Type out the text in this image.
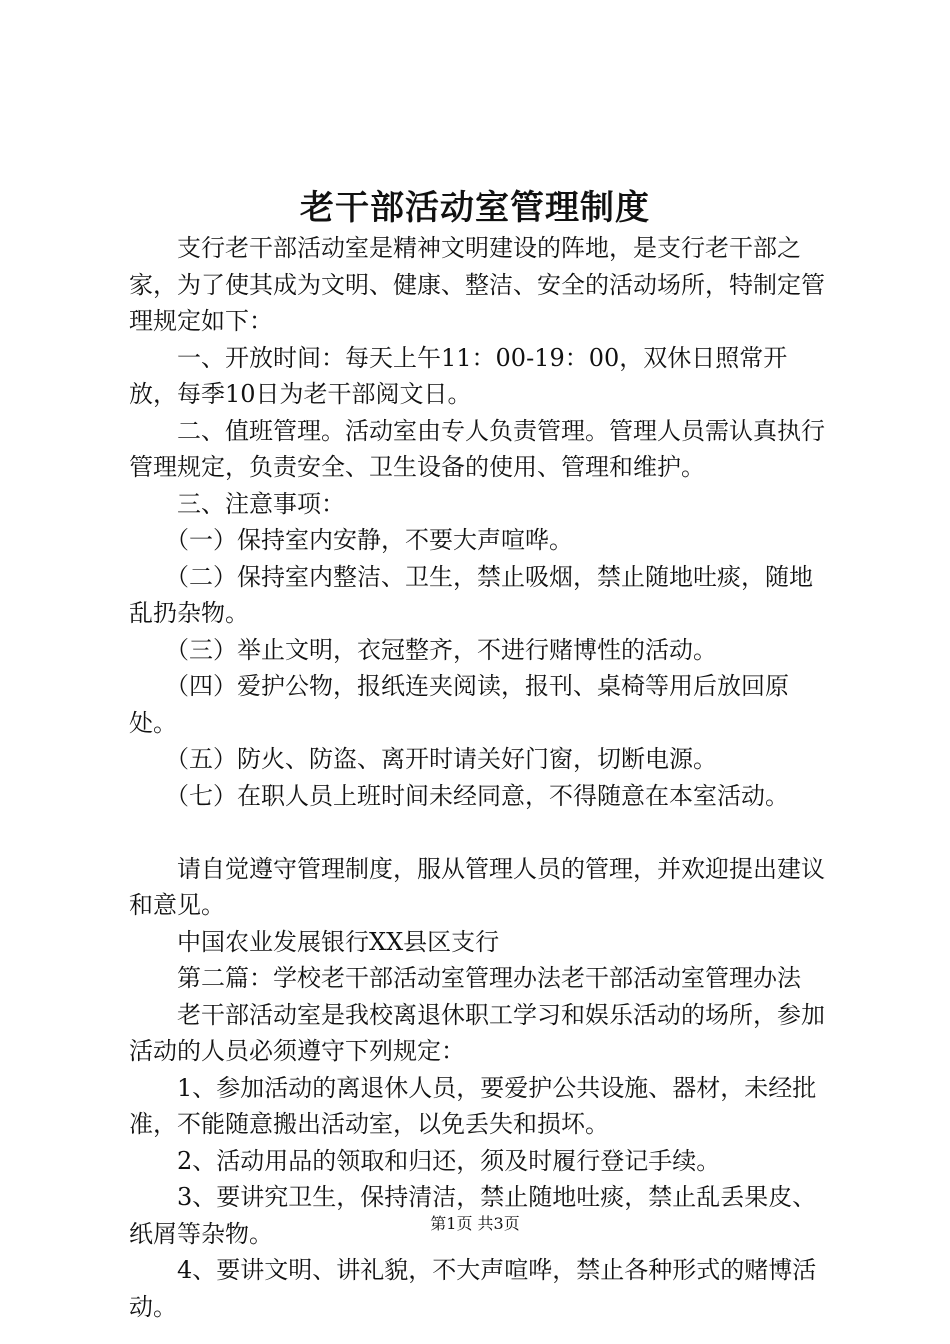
老干部活动室管理制度

　　支行老干部活动室是精神文明建设的阵地，是支行老干部之家，为了使其成为文明、健康、整洁、安全的活动场所，特制定管理规定如下：

　　一、开放时间：每天上午11：00-19：00，双休日照常开放，每季10日为老干部阅文日。

　　二、值班管理。活动室由专人负责管理。管理人员需认真执行管理规定，负责安全、卫生设备的使用、管理和维护。

　　三、注意事项：

　　（一）保持室内安静，不要大声喧哗。

　　（二）保持室内整洁、卫生，禁止吸烟，禁止随地吐痰，随地乱扔杂物。

　　（三）举止文明，衣冠整齐，不进行赌博性的活动。

　　（四）爱护公物，报纸连夹阅读，报刊、桌椅等用后放回原处。

　　（五）防火、防盗、离开时请关好门窗，切断电源。

　　（七）在职人员上班时间未经同意，不得随意在本室活动。

　　请自觉遵守管理制度，服从管理人员的管理，并欢迎提出建议和意见。

　　中国农业发展银行XX县区支行

　　第二篇：学校老干部活动室管理办法老干部活动室管理办法

　　老干部活动室是我校离退休职工学习和娱乐活动的场所，参加活动的人员必须遵守下列规定：

　　1、参加活动的离退休人员，要爱护公共设施、器材，未经批准，不能随意搬出活动室，以免丢失和损坏。

　　2、活动用品的领取和归还，须及时履行登记手续。

　　3、要讲究卫生，保持清洁，禁止随地吐痰，禁止乱丢果皮、纸屑等杂物。

　　4、要讲文明、讲礼貌，不大声喧哗，禁止各种形式的赌博活动。

第1页 共3页
